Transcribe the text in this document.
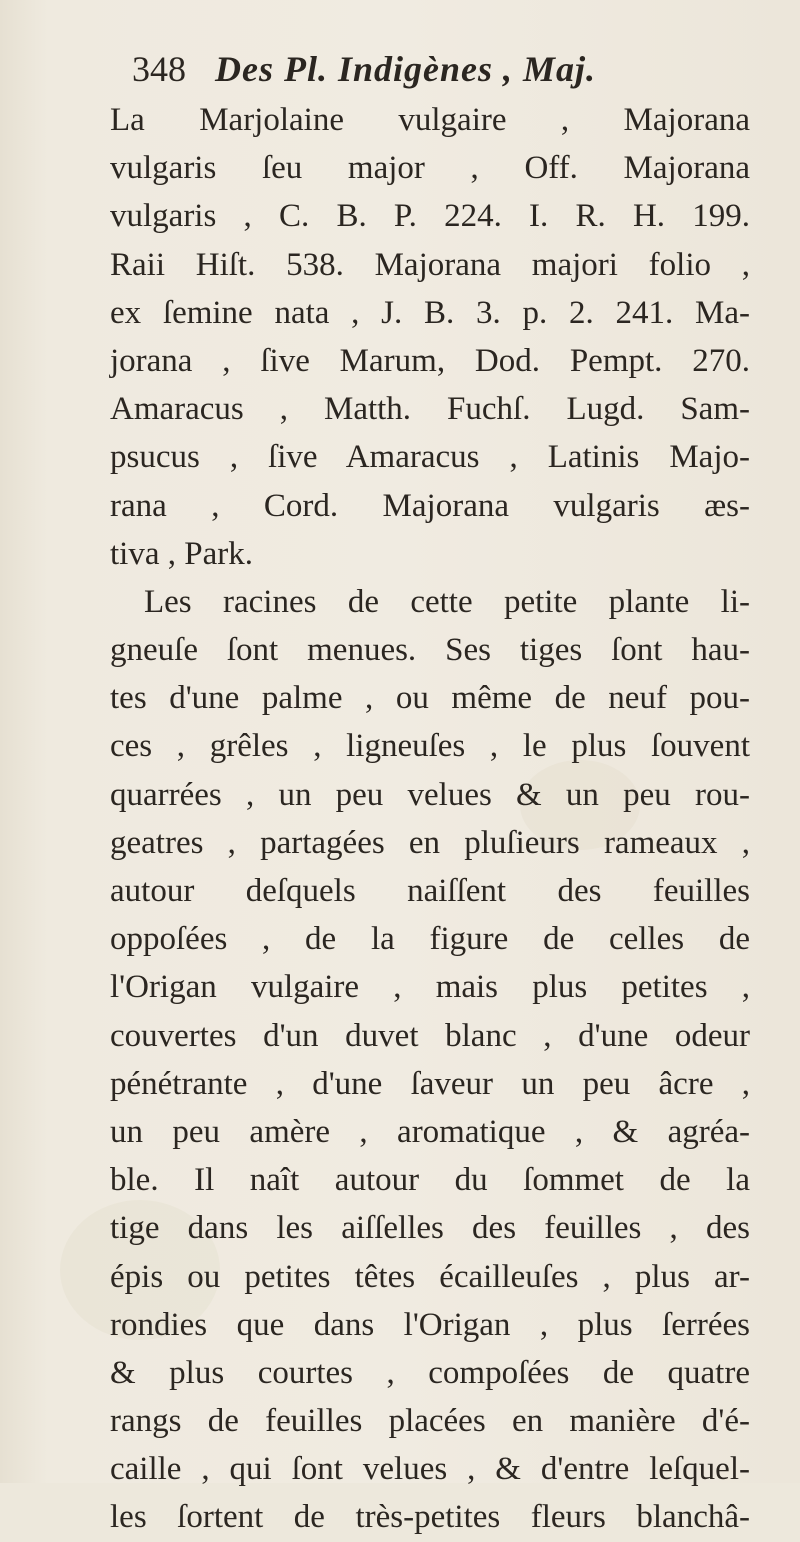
348 Des Pl. Indigènes , Maj.
La Marjolaine vulgaire , Majorana
vulgaris ſeu major , Off. Majorana
vulgaris , C. B. P. 224. I. R. H. 199.
Raii Hiſt. 538. Majorana majori folio ,
ex ſemine nata , J. B. 3. p. 2. 241. Ma-
jorana , ſive Marum, Dod. Pempt. 270.
Amaracus , Matth. Fuchſ. Lugd. Sam-
psucus , ſive Amaracus , Latinis Majo-
rana , Cord. Majorana vulgaris æs-
tiva , Park.
Les racines de cette petite plante li-
gneuſe ſont menues. Ses tiges ſont hau-
tes d'une palme , ou même de neuf pou-
ces , grêles , ligneuſes , le plus ſouvent
quarrées , un peu velues & un peu rou-
geatres , partagées en pluſieurs rameaux ,
autour deſquels naiſſent des feuilles
oppoſées , de la figure de celles de
l'Origan vulgaire , mais plus petites ,
couvertes d'un duvet blanc , d'une odeur
pénétrante , d'une ſaveur un peu âcre ,
un peu amère , aromatique , & agréa-
ble. Il naît autour du ſommet de la
tige dans les aiſſelles des feuilles , des
épis ou petites têtes écailleuſes , plus ar-
rondies que dans l'Origan , plus ſerrées
& plus courtes , compoſées de quatre
rangs de feuilles placées en manière d'é-
caille , qui ſont velues , & d'entre leſquel-
les ſortent de très-petites fleurs blanchâ-
